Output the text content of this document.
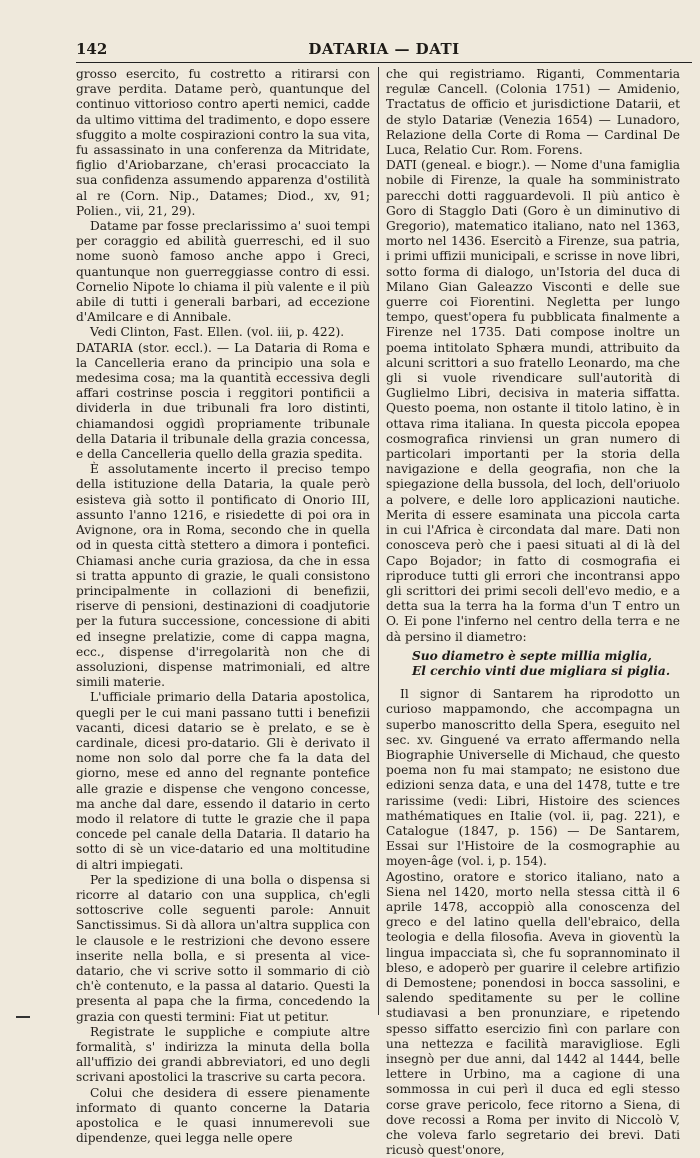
142	DATARIA — DATI

grosso esercito, fu costretto a ritirarsi con grave perdita. Datame però, quantunque del continuo vittorioso contro aperti nemici, cadde da ultimo vittima del tradimento, e dopo essere sfuggito a molte cospirazioni contro la sua vita, fu assassinato in una conferenza da Mitridate, figlio d'Ariobarzane, ch'erasi procacciato la sua confidenza assumendo apparenza d'ostilità al re (Corn. Nip., Datames; Diod., xv, 91; Polien., vii, 21, 29).

Datame par fosse preclarissimo a' suoi tempi per coraggio ed abilità guerreschi, ed il suo nome suonò famoso anche appo i Greci, quantunque non guerreggiasse contro di essi. Cornelio Nipote lo chiama il più valente e il più abile di tutti i generali barbari, ad eccezione d'Amilcare e di Annibale.

Vedi Clinton, Fast. Ellen. (vol. iii, p. 422).

DATARIA (stor. eccl.). — La Dataria di Roma e la Cancelleria erano da principio una sola e medesima cosa; ma la quantità eccessiva degli affari costrinse poscia i reggitori pontificii a dividerla in due tribunali fra loro distinti, chiamandosi oggidì propriamente tribunale della Dataria il tribunale della grazia concessa, e della Cancelleria quello della grazia spedita.

È assolutamente incerto il preciso tempo della istituzione della Dataria, la quale però esisteva già sotto il pontificato di Onorio III, assunto l'anno 1216, e risiedette di poi ora in Avignone, ora in Roma, secondo che in quella od in questa città stettero a dimora i pontefici. Chiamasi anche curia graziosa, da che in essa si tratta appunto di grazie, le quali consistono principalmente in collazioni di benefizii, riserve di pensioni, destinazioni di coadjutorie per la futura successione, concessione di abiti ed insegne prelatizie, come di cappa magna, ecc., dispense d'irregolarità non che di assoluzioni, dispense matrimoniali, ed altre simili materie.

L'ufficiale primario della Dataria apostolica, quegli per le cui mani passano tutti i benefizii vacanti, dicesi datario se è prelato, e se è cardinale, dicesi pro-datario. Gli è derivato il nome non solo dal porre che fa la data del giorno, mese ed anno del regnante pontefice alle grazie e dispense che vengono concesse, ma anche dal dare, essendo il datario in certo modo il relatore di tutte le grazie che il papa concede pel canale della Dataria. Il datario ha sotto di sè un vice-datario ed una moltitudine di altri impiegati.

Per la spedizione di una bolla o dispensa si ricorre al datario con una supplica, ch'egli sottoscrive colle seguenti parole: Annuit Sanctissimus. Si dà allora un'altra supplica con le clausole e le restrizioni che devono essere inserite nella bolla, e si presenta al vice-datario, che vi scrive sotto il sommario di ciò ch'è contenuto, e la passa al datario. Questi la presenta al papa che la firma, concedendo la grazia con questi termini: Fiat ut petitur.

Registrate le suppliche e compiute altre formalità, s' indirizza la minuta della bolla all'uffizio dei grandi abbreviatori, ed uno degli scrivani apostolici la trascrive su carta pecora.

Colui che desidera di essere pienamente informato di quanto concerne la Dataria apostolica e le quasi innumerevoli sue dipendenze, quei legga nelle opere

che qui registriamo. Riganti, Commentaria regulæ Cancell. (Colonia 1751) — Amidenio, Tractatus de officio et jurisdictione Datarii, et de stylo Datariæ (Venezia 1654) — Lunadoro, Relazione della Corte di Roma — Cardinal De Luca, Relatio Cur. Rom. Forens.

DATI (geneal. e biogr.). — Nome d'una famiglia nobile di Firenze, la quale ha somministrato parecchi dotti ragguardevoli. Il più antico è Goro di Stagglo Dati (Goro è un diminutivo di Gregorio), matematico italiano, nato nel 1363, morto nel 1436. Esercitò a Firenze, sua patria, i primi uffizii municipali, e scrisse in nove libri, sotto forma di dialogo, un'Istoria del duca di Milano Gian Galeazzo Visconti e delle sue guerre coi Fiorentini. Negletta per lungo tempo, quest'opera fu pubblicata finalmente a Firenze nel 1735. Dati compose inoltre un poema intitolato Sphæra mundi, attribuito da alcuni scrittori a suo fratello Leonardo, ma che gli si vuole rivendicare sull'autorità di Guglielmo Libri, decisiva in materia siffatta. Questo poema, non ostante il titolo latino, è in ottava rima italiana. In questa piccola epopea cosmografica rinviensi un gran numero di particolari importanti per la storia della navigazione e della geografia, non che la spiegazione della bussola, del loch, dell'oriuolo a polvere, e delle loro applicazioni nautiche. Merita di essere esaminata una piccola carta in cui l'Africa è circondata dal mare. Dati non conosceva però che i paesi situati al di là del Capo Bojador; in fatto di cosmografia ei riproduce tutti gli errori che incontransi appo gli scrittori dei primi secoli dell'evo medio, e a detta sua la terra ha la forma d'un T entro un O. Ei pone l'inferno nel centro della terra e ne dà persino il diametro:

Suo diametro è septe millia miglia,
El cerchio vinti due migliara si piglia.

Il signor di Santarem ha riprodotto un curioso mappamondo, che accompagna un superbo manoscritto della Spera, eseguito nel sec. xv. Ginguené va errato affermando nella Biographie Universelle di Michaud, che questo poema non fu mai stampato; ne esistono due edizioni senza data, e una del 1478, tutte e tre rarissime (vedi: Libri, Histoire des sciences mathématiques en Italie (vol. ii, pag. 221), e Catalogue (1847, p. 156) — De Santarem, Essai sur l'Histoire de la cosmographie au moyen-âge (vol. i, p. 154).

Agostino, oratore e storico italiano, nato a Siena nel 1420, morto nella stessa città il 6 aprile 1478, accoppiò alla conoscenza del greco e del latino quella dell'ebraico, della teologia e della filosofia. Aveva in gioventù la lingua impacciata sì, che fu soprannominato il bleso, e adoperò per guarire il celebre artifizio di Demostene; ponendosi in bocca sassolini, e salendo speditamente su per le colline studiavasi a ben pronunziare, e ripetendo spesso siffatto esercizio finì con parlare con una nettezza e facilità maravigliose. Egli insegnò per due anni, dal 1442 al 1444, belle lettere in Urbino, ma a cagione di una sommossa in cui perì il duca ed egli stesso corse grave pericolo, fece ritorno a Siena, di dove recossi a Roma per invito di Niccolò V, che voleva farlo segretario dei brevi. Dati ricusò quest'onore,
